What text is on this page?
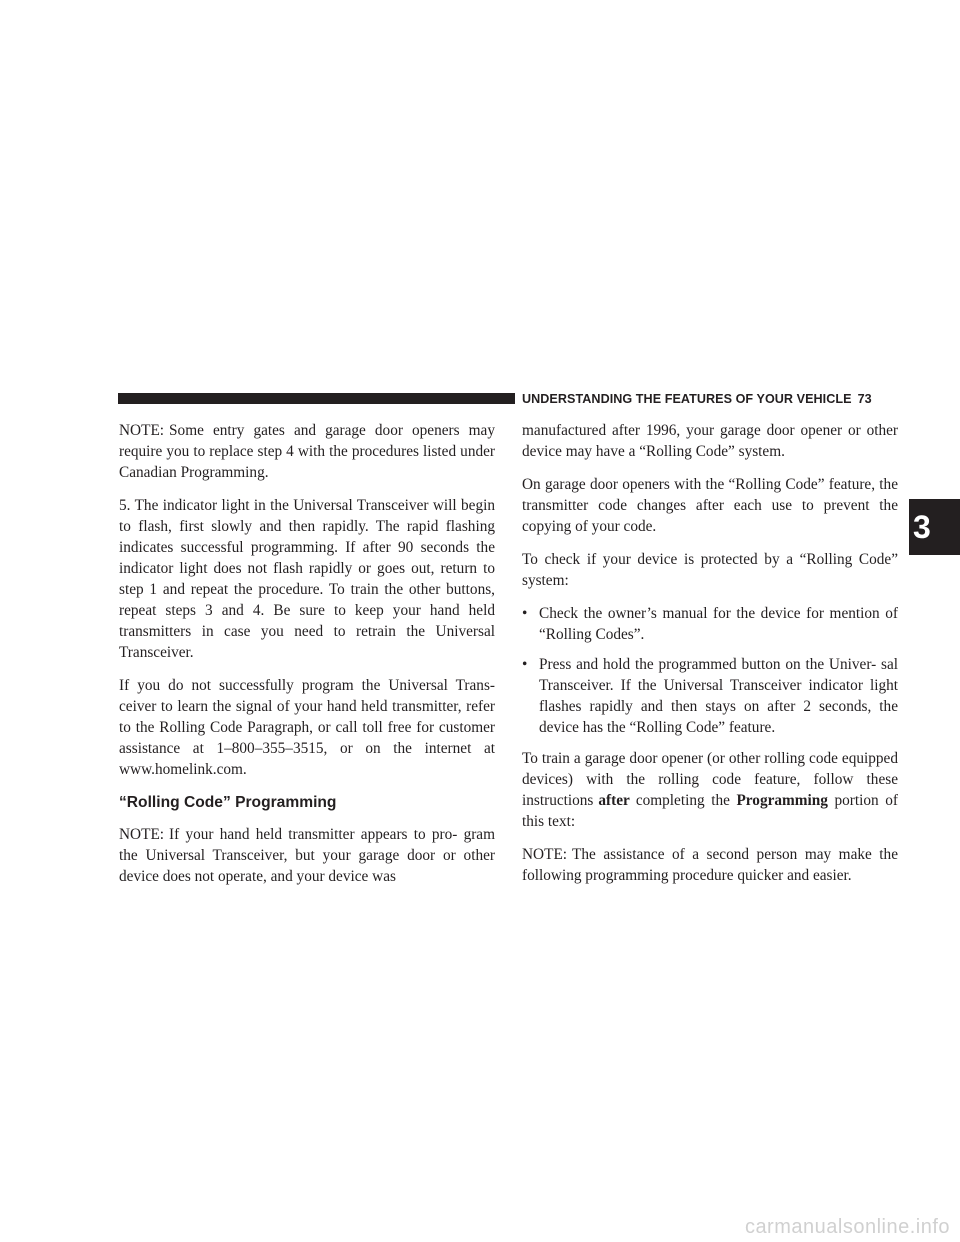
UNDERSTANDING THE FEATURES OF YOUR VEHICLE 73
3

NOTE: Some entry gates and garage door openers may require you to replace step 4 with the procedures listed under Canadian Programming.

5. The indicator light in the Universal Transceiver will begin to flash, first slowly and then rapidly. The rapid flashing indicates successful programming. If after 90 seconds the indicator light does not flash rapidly or goes out, return to step 1 and repeat the procedure. To train the other buttons, repeat steps 3 and 4. Be sure to keep your hand held transmitters in case you need to retrain the Universal Transceiver.

If you do not successfully program the Universal Trans- ceiver to learn the signal of your hand held transmitter, refer to the Rolling Code Paragraph, or call toll free for customer assistance at 1–800–355–3515, or on the internet at www.homelink.com.

“Rolling Code” Programming

NOTE: If your hand held transmitter appears to pro- gram the Universal Transceiver, but your garage door or other device does not operate, and your device was

manufactured after 1996, your garage door opener or other device may have a “Rolling Code” system.

On garage door openers with the “Rolling Code” feature, the transmitter code changes after each use to prevent the copying of your code.

To check if your device is protected by a “Rolling Code” system:

• Check the owner’s manual for the device for mention of “Rolling Codes”.
• Press and hold the programmed button on the Univer- sal Transceiver. If the Universal Transceiver indicator light flashes rapidly and then stays on after 2 seconds, the device has the “Rolling Code” feature.

To train a garage door opener (or other rolling code equipped devices) with the rolling code feature, follow these instructions after completing the Programming portion of this text:

NOTE: The assistance of a second person may make the following programming procedure quicker and easier.

carmanualsonline.info
